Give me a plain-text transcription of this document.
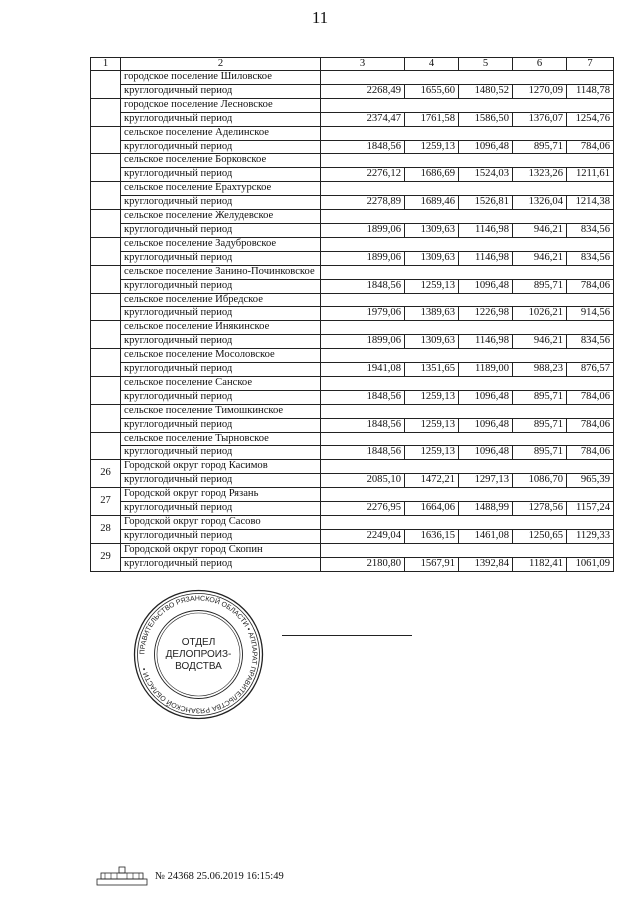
11
1	2	3	4	5	6	7
	городское поселение Шиловское					
	круглогодичный период	2268,49	1655,60	1480,52	1270,09	1148,78
	городское поселение Лесновское					
	круглогодичный период	2374,47	1761,58	1586,50	1376,07	1254,76
	сельское поселение Аделинское					
	круглогодичный период	1848,56	1259,13	1096,48	895,71	784,06
	сельское поселение Борковское					
	круглогодичный период	2276,12	1686,69	1524,03	1323,26	1211,61
	сельское поселение Ерахтурское					
	круглогодичный период	2278,89	1689,46	1526,81	1326,04	1214,38
	сельское поселение Желудевское					
	круглогодичный период	1899,06	1309,63	1146,98	946,21	834,56
	сельское поселение Задубровское					
	круглогодичный период	1899,06	1309,63	1146,98	946,21	834,56
	сельское поселение Занино-Починковское					
	круглогодичный период	1848,56	1259,13	1096,48	895,71	784,06
	сельское поселение Ибредское					
	круглогодичный период	1979,06	1389,63	1226,98	1026,21	914,56
	сельское поселение Инякинское					
	круглогодичный период	1899,06	1309,63	1146,98	946,21	834,56
	сельское поселение Мосоловское					
	круглогодичный период	1941,08	1351,65	1189,00	988,23	876,57
	сельское поселение Санское					
	круглогодичный период	1848,56	1259,13	1096,48	895,71	784,06
	сельское поселение Тимошкинское					
	круглогодичный период	1848,56	1259,13	1096,48	895,71	784,06
	сельское поселение Тырновское					
	круглогодичный период	1848,56	1259,13	1096,48	895,71	784,06
26	Городской округ город Касимов					
	круглогодичный период	2085,10	1472,21	1297,13	1086,70	965,39
27	Городской округ город Рязань					
	круглогодичный период	2276,95	1664,06	1488,99	1278,56	1157,24
28	Городской округ город Сасово					
	круглогодичный период	2249,04	1636,15	1461,08	1250,65	1129,33
29	Городской округ город Скопин					
	круглогодичный период	2180,80	1567,91	1392,84	1182,41	1061,09
ПРАВИТЕЛЬСТВО РЯЗАНСКОЙ ОБЛАСТИ • АППАРАТ ПРАВИТЕЛЬСТВА РЯЗАНСКОЙ ОБЛАСТИ •
ОТДЕЛ
ДЕЛОПРОИЗ-
ВОДСТВА
№ 24368 25.06.2019 16:15:49
